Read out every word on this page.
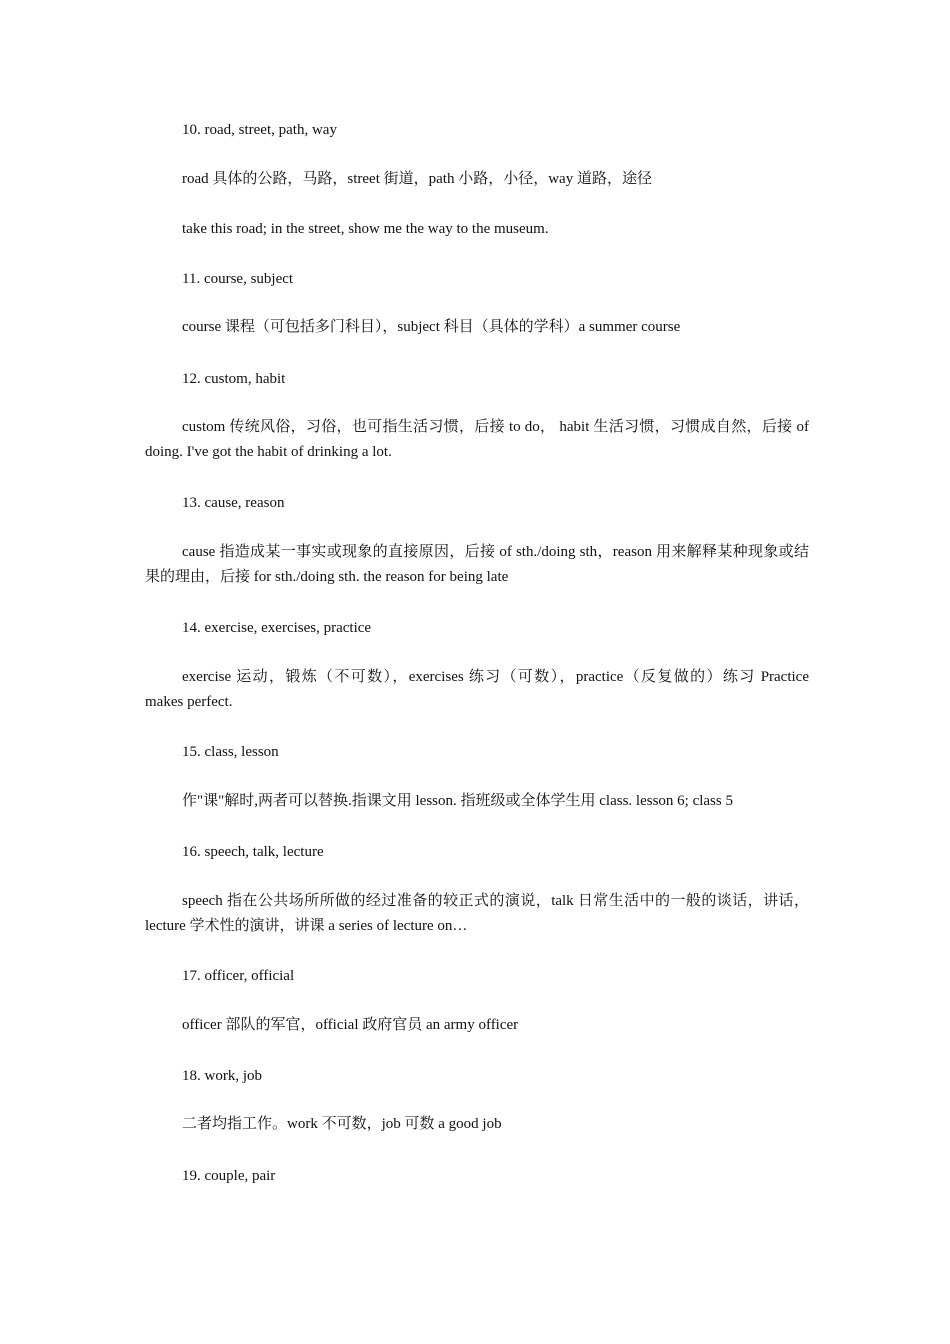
10. road, street, path, way

road 具体的公路，马路，street 街道，path 小路，小径，way 道路，途径

take this road; in the street, show me the way to the museum.

11. course, subject

course 课程（可包括多门科目），subject 科目（具体的学科）a summer course

12. custom, habit

custom 传统风俗，习俗，也可指生活习惯，后接 to do， habit 生活习惯，习惯成自然，后接 of doing. I've got the habit of drinking a lot.

13. cause, reason

cause 指造成某一事实或现象的直接原因，后接 of sth./doing sth，reason 用来解释某种现象或结果的理由，后接 for sth./doing sth. the reason for being late

14. exercise, exercises, practice

exercise 运动，锻炼（不可数），exercises 练习（可数），practice（反复做的）练习 Practice makes perfect.

15. class, lesson

作"课"解时,两者可以替换.指课文用 lesson. 指班级或全体学生用 class. lesson 6; class 5

16. speech, talk, lecture

speech 指在公共场所所做的经过准备的较正式的演说，talk 日常生活中的一般的谈话，讲话，lecture 学术性的演讲，讲课 a series of lecture on…

17. officer, official

officer 部队的军官，official 政府官员 an army officer

18. work, job

二者均指工作。work 不可数，job 可数 a good job

19. couple, pair
